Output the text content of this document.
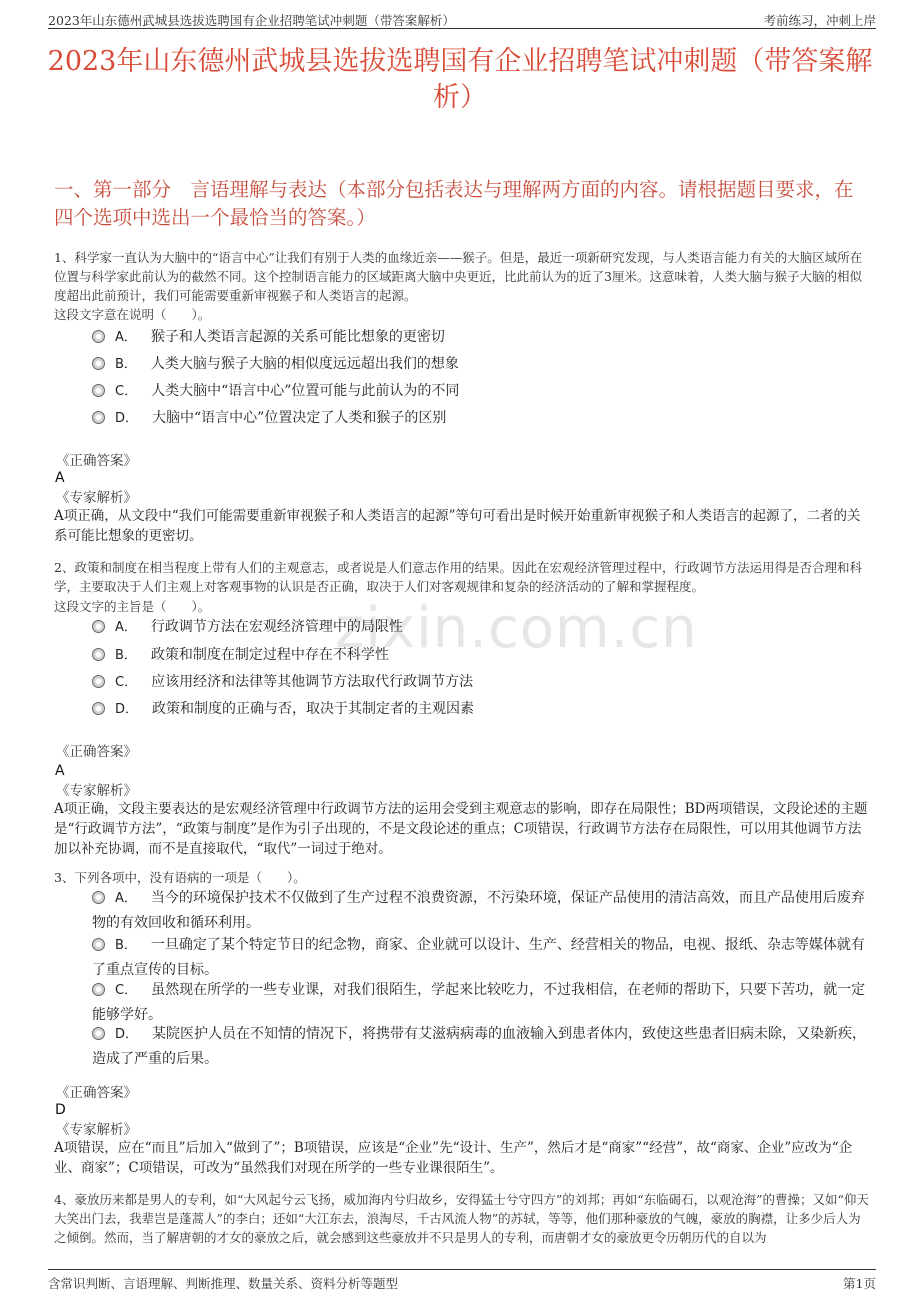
2023年山东德州武城县选拔选聘国有企业招聘笔试冲刺题（带答案解析）	考前练习，冲刺上岸
2023年山东德州武城县选拔选聘国有企业招聘笔试冲刺题（带答案解析）
一、第一部分　言语理解与表达（本部分包括表达与理解两方面的内容。请根据题目要求，在四个选项中选出一个最恰当的答案。）
zixin.com.cn
1、科学家一直认为大脑中的“语言中心”让我们有别于人类的血缘近亲——猴子。但是，最近一项新研究发现，与人类语言能力有关的大脑区域所在位置与科学家此前认为的截然不同。这个控制语言能力的区域距离大脑中央更近，比此前认为的近了3厘米。这意味着，人类大脑与猴子大脑的相似度超出此前预计，我们可能需要重新审视猴子和人类语言的起源。
这段文字意在说明（　　）。
A． 猴子和人类语言起源的关系可能比想象的更密切
B． 人类大脑与猴子大脑的相似度远远超出我们的想象
C． 人类大脑中“语言中心”位置可能与此前认为的不同
D． 大脑中“语言中心”位置决定了人类和猴子的区别
《正确答案》
A
《专家解析》
A项正确，从文段中“我们可能需要重新审视猴子和人类语言的起源”等句可看出是时候开始重新审视猴子和人类语言的起源了，二者的关系可能比想象的更密切。
2、政策和制度在相当程度上带有人们的主观意志，或者说是人们意志作用的结果。因此在宏观经济管理过程中，行政调节方法运用得是否合理和科学，主要取决于人们主观上对客观事物的认识是否正确，取决于人们对客观规律和复杂的经济活动的了解和掌握程度。
这段文字的主旨是（　　）。
A． 行政调节方法在宏观经济管理中的局限性
B． 政策和制度在制定过程中存在不科学性
C． 应该用经济和法律等其他调节方法取代行政调节方法
D． 政策和制度的正确与否，取决于其制定者的主观因素
《正确答案》
A
《专家解析》
A项正确，文段主要表达的是宏观经济管理中行政调节方法的运用会受到主观意志的影响，即存在局限性；BD两项错误，文段论述的主题是“行政调节方法”，“政策与制度”是作为引子出现的，不是文段论述的重点；C项错误，行政调节方法存在局限性，可以用其他调节方法加以补充协调，而不是直接取代，“取代”一词过于绝对。
3、下列各项中，没有语病的一项是（　　）。
A． 当今的环境保护技术不仅做到了生产过程不浪费资源，不污染环境，保证产品使用的清洁高效，而且产品使用后废弃物的有效回收和循环利用。
B． 一旦确定了某个特定节日的纪念物，商家、企业就可以设计、生产、经营相关的物品，电视、报纸、杂志等媒体就有了重点宣传的目标。
C． 虽然现在所学的一些专业课，对我们很陌生，学起来比较吃力，不过我相信，在老师的帮助下，只要下苦功，就一定能够学好。
D． 某院医护人员在不知情的情况下，将携带有艾滋病病毒的血液输入到患者体内，致使这些患者旧病未除，又染新疾，造成了严重的后果。
《正确答案》
D
《专家解析》
A项错误，应在“而且”后加入“做到了”；B项错误，应该是“企业”先“设计、生产”，然后才是“商家”“经营”，故“商家、企业”应改为“企业、商家”；C项错误，可改为“虽然我们对现在所学的一些专业课很陌生”。
4、豪放历来都是男人的专利，如“大风起兮云飞扬，威加海内兮归故乡，安得猛士兮守四方”的刘邦；再如“东临碣石，以观沧海”的曹操；又如“仰天大笑出门去，我辈岂是蓬蒿人”的李白；还如“大江东去，浪淘尽，千古风流人物”的苏轼，等等，他们那种豪放的气魄，豪放的胸襟，让多少后人为之倾倒。然而，当了解唐朝的才女的豪放之后，就会感到这些豪放并不只是男人的专利，而唐朝才女的豪放更令历朝历代的自以为
含常识判断、言语理解、判断推理、数量关系、资料分析等题型	第1页
